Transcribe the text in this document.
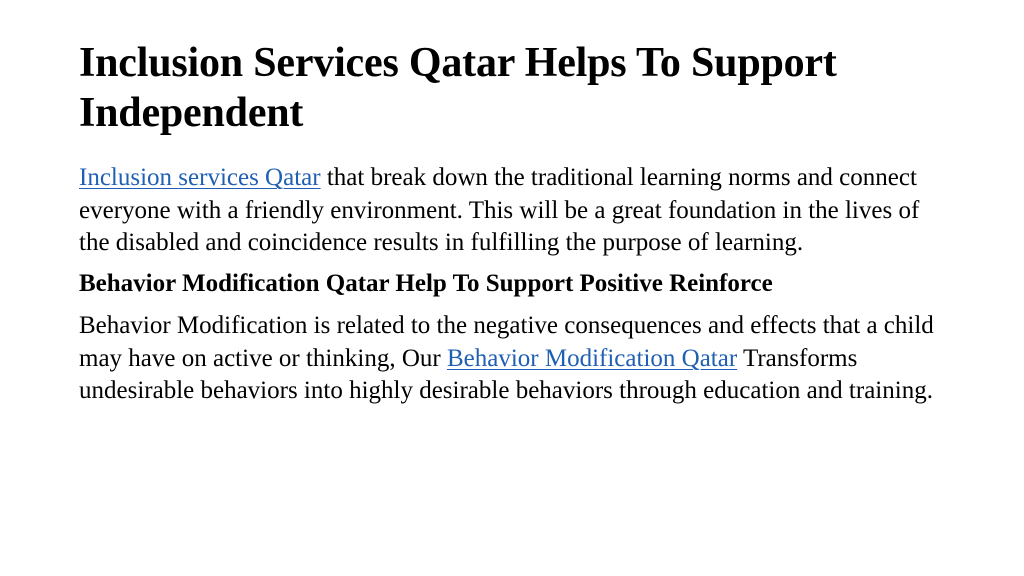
Inclusion Services Qatar Helps To Support Independent

Inclusion services Qatar that break down the traditional learning norms and connect everyone with a friendly environment. This will be a great foundation in the lives of the disabled and coincidence results in fulfilling the purpose of learning.

Behavior Modification Qatar Help To Support Positive Reinforce

Behavior Modification is related to the negative consequences and effects that a child may have on active or thinking, Our Behavior Modification Qatar Transforms undesirable behaviors into highly desirable behaviors through education and training.
